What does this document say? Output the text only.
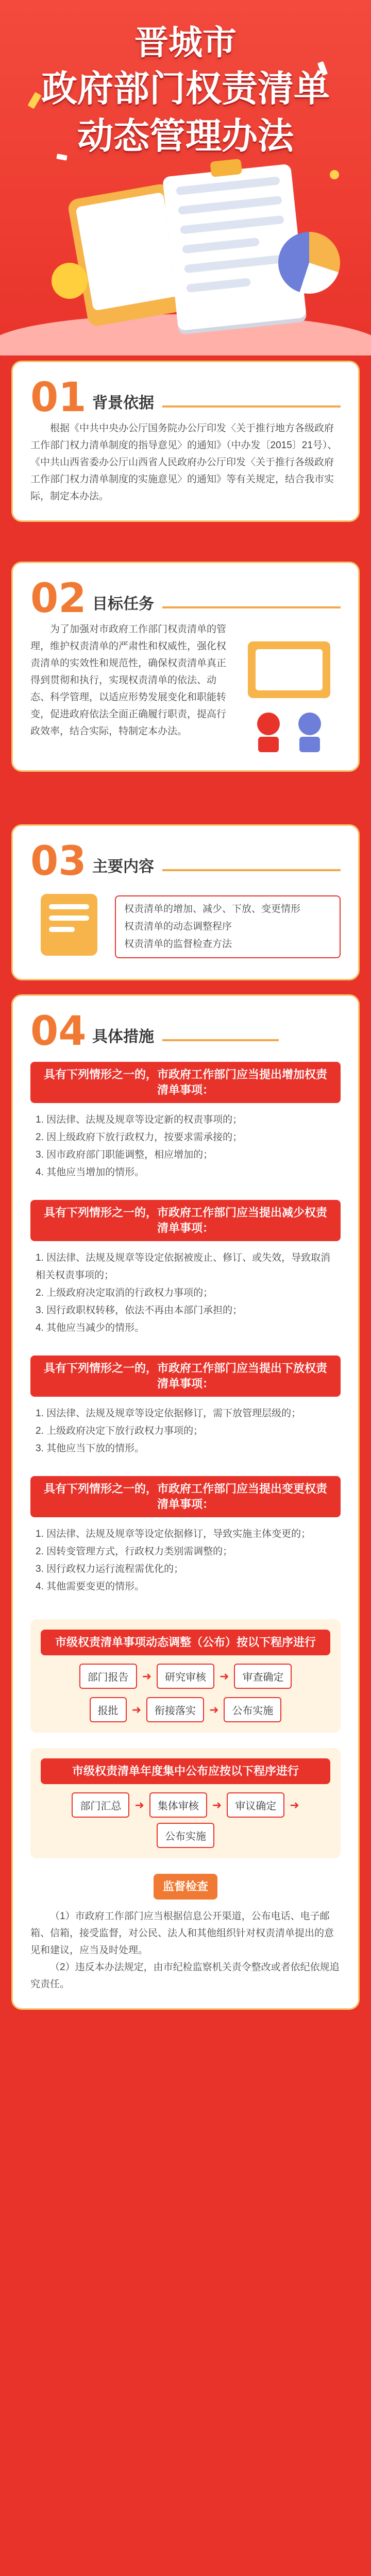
晋城市
政府部门权责清单
动态管理办法
01 背景依据

根据《中共中央办公厅国务院办公厅印发〈关于推行地方各级政府工作部门权力清单制度的指导意见〉的通知》（中办发〔2015〕21号）、《中共山西省委办公厅山西省人民政府办公厅印发〈关于推行各级政府工作部门权力清单制度的实施意见〉的通知》等有关规定，结合我市实际，制定本办法。

02 目标任务

为了加强对市政府工作部门权责清单的管理，维护权责清单的严肃性和权威性，强化权责清单的实效性和规范性，确保权责清单真正得到贯彻和执行，实现权责清单的依法、动态、科学管理，以适应形势发展变化和职能转变，促进政府依法全面正确履行职责，提高行政效率，结合实际，特制定本办法。

03 主要内容
权责清单的增加、减少、下放、变更情形
权责清单的动态调整程序
权责清单的监督检查方法
04 具体措施
具有下列情形之一的，市政府工作部门应当提出增加权责清单事项：
1. 因法律、法规及规章等设定新的权责事项的；
2. 因上级政府下放行政权力，按要求需承接的；
3. 因市政府部门职能调整，相应增加的；
4. 其他应当增加的情形。
具有下列情形之一的，市政府工作部门应当提出减少权责清单事项：
1. 因法律、法规及规章等设定依据被废止、修订、或失效，导致取消相关权责事项的；
2. 上级政府决定取消的行政权力事项的；
3. 因行政职权转移，依法不再由本部门承担的；
4. 其他应当减少的情形。
具有下列情形之一的，市政府工作部门应当提出下放权责清单事项：
1. 因法律、法规及规章等设定依据修订，需下放管理层级的；
2. 上级政府决定下放行政权力事项的；
3. 其他应当下放的情形。
具有下列情形之一的，市政府工作部门应当提出变更权责清单事项：
1. 因法律、法规及规章等设定依据修订，导致实施主体变更的；
2. 因转变管理方式，行政权力类别需调整的；
3. 因行政权力运行流程需优化的；
4. 其他需要变更的情形。
市级权责清单事项动态调整（公布）按以下程序进行
部门报告	➜	研究审核	➜	审查确定
报批	➜	衔接落实	➜	公布实施
市级权责清单年度集中公布应按以下程序进行
部门汇总	➜	集体审核	➜	审议确定	➜
公布实施
监督检查

（1）市政府工作部门应当根据信息公开渠道，公布电话、电子邮箱、信箱，接受监督，对公民、法人和其他组织针对权责清单提出的意见和建议，应当及时处理。

（2）违反本办法规定，由市纪检监察机关责令整改或者依纪依规追究责任。
